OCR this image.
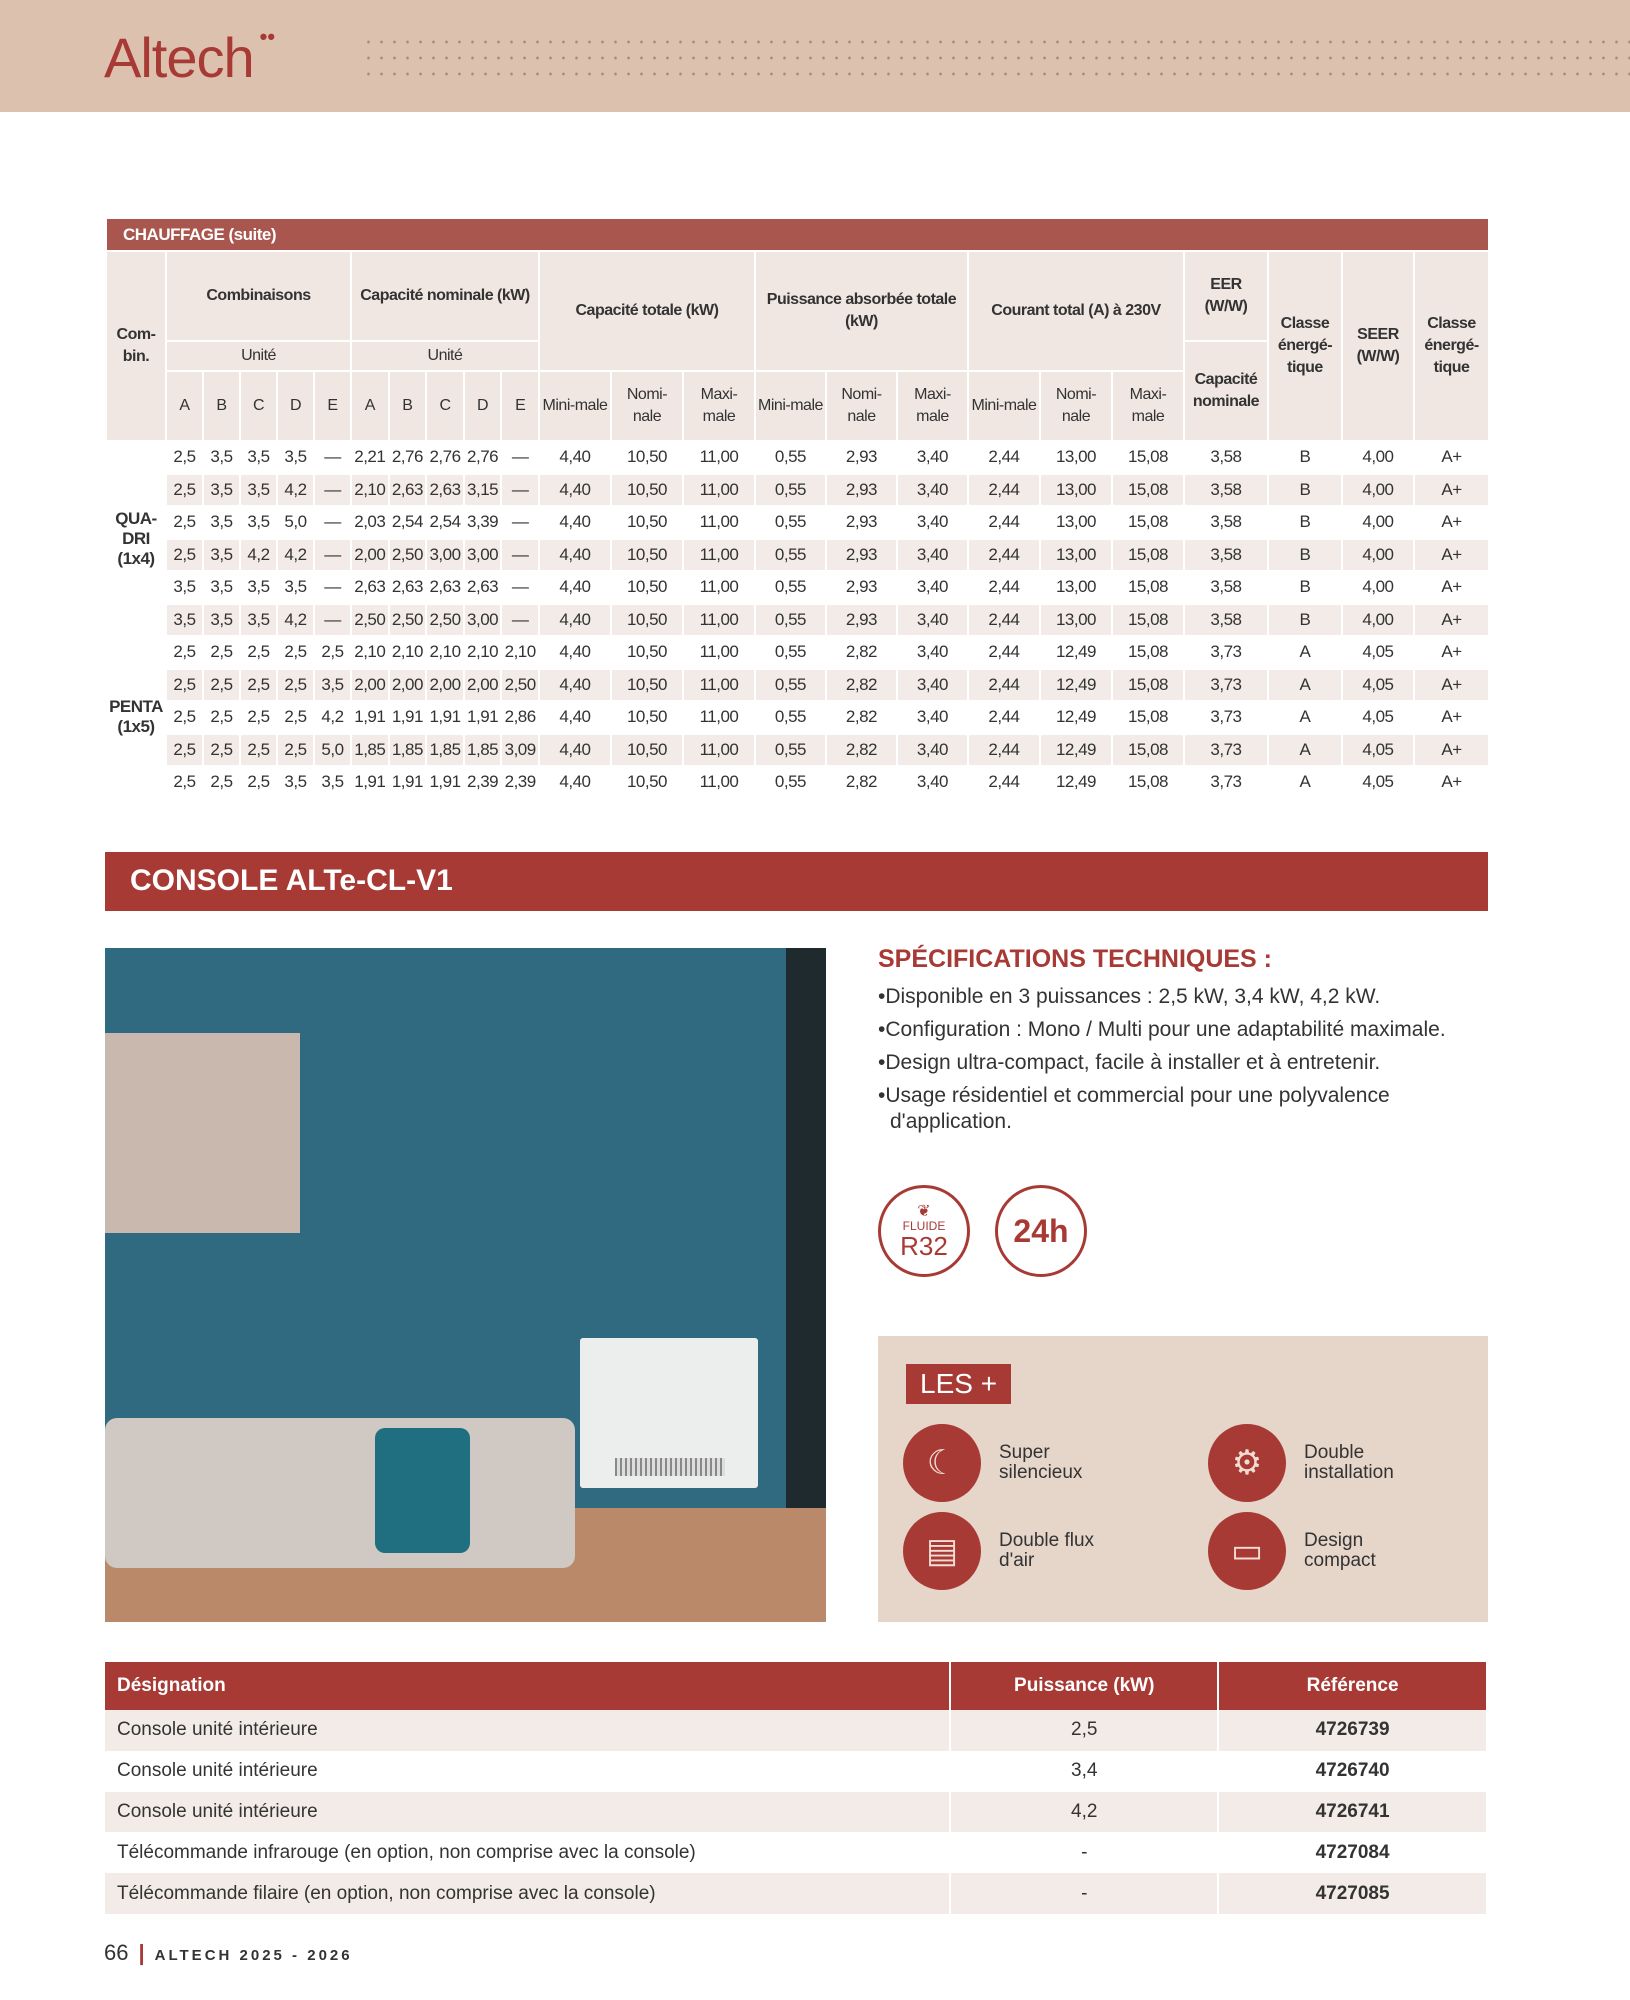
Altech ••
CHAUFFAGE (suite)																							
Com-bin.	Combinaisons					Capacité nominale (kW)					Capacité totale (kW)			Puissance absorbée totale (kW)			Courant total (A) à 230V			EER (W/W)	Classe énergé-tique	SEER (W/W)	Classe énergé-tique
	Unité					Unité														Capacité nominale			
	A	B	C	D	E	A	B	C	D	E	Mini-male	Nomi-nale	Maxi-male	Mini-male	Nomi-nale	Maxi-male	Mini-male	Nomi-nale	Maxi-male				
QUA-DRI (1x4)	2,5	3,5	3,5	3,5	—	2,21	2,76	2,76	2,76	—	4,40	10,50	11,00	0,55	2,93	3,40	2,44	13,00	15,08	3,58	B	4,00	A+
	2,5	3,5	3,5	4,2	—	2,10	2,63	2,63	3,15	—	4,40	10,50	11,00	0,55	2,93	3,40	2,44	13,00	15,08	3,58	B	4,00	A+
	2,5	3,5	3,5	5,0	—	2,03	2,54	2,54	3,39	—	4,40	10,50	11,00	0,55	2,93	3,40	2,44	13,00	15,08	3,58	B	4,00	A+
	2,5	3,5	4,2	4,2	—	2,00	2,50	3,00	3,00	—	4,40	10,50	11,00	0,55	2,93	3,40	2,44	13,00	15,08	3,58	B	4,00	A+
	3,5	3,5	3,5	3,5	—	2,63	2,63	2,63	2,63	—	4,40	10,50	11,00	0,55	2,93	3,40	2,44	13,00	15,08	3,58	B	4,00	A+
	3,5	3,5	3,5	4,2	—	2,50	2,50	2,50	3,00	—	4,40	10,50	11,00	0,55	2,93	3,40	2,44	13,00	15,08	3,58	B	4,00	A+
PENTA (1x5)	2,5	2,5	2,5	2,5	2,5	2,10	2,10	2,10	2,10	2,10	4,40	10,50	11,00	0,55	2,82	3,40	2,44	12,49	15,08	3,73	A	4,05	A+
	2,5	2,5	2,5	2,5	3,5	2,00	2,00	2,00	2,00	2,50	4,40	10,50	11,00	0,55	2,82	3,40	2,44	12,49	15,08	3,73	A	4,05	A+
	2,5	2,5	2,5	2,5	4,2	1,91	1,91	1,91	1,91	2,86	4,40	10,50	11,00	0,55	2,82	3,40	2,44	12,49	15,08	3,73	A	4,05	A+
	2,5	2,5	2,5	2,5	5,0	1,85	1,85	1,85	1,85	3,09	4,40	10,50	11,00	0,55	2,82	3,40	2,44	12,49	15,08	3,73	A	4,05	A+
	2,5	2,5	2,5	3,5	3,5	1,91	1,91	1,91	2,39	2,39	4,40	10,50	11,00	0,55	2,82	3,40	2,44	12,49	15,08	3,73	A	4,05	A+
CONSOLE ALTe-CL-V1
SPÉCIFICATIONS TECHNIQUES :
•Disponible en 3 puissances : 2,5 kW, 3,4 kW, 4,2 kW.
•Configuration : Mono / Multi pour une adaptabilité maximale.
•Design ultra-compact, facile à installer et à entretenir.
•Usage résidentiel et commercial pour une polyvalence d'application.
❦
FLUIDE
R32	24h
LES +
☾	Super silencieux	⚙	Double installation
▤	Double flux d'air	▭	Design compact
Désignation	Puissance (kW)	Référence
Console unité intérieure	2,5	4726739
Console unité intérieure	3,4	4726740
Console unité intérieure	4,2	4726741
Télécommande infrarouge (en option, non comprise avec la console)	-	4727084
Télécommande filaire (en option, non comprise avec la console)	-	4727085
66 | ALTECH 2025 - 2026
